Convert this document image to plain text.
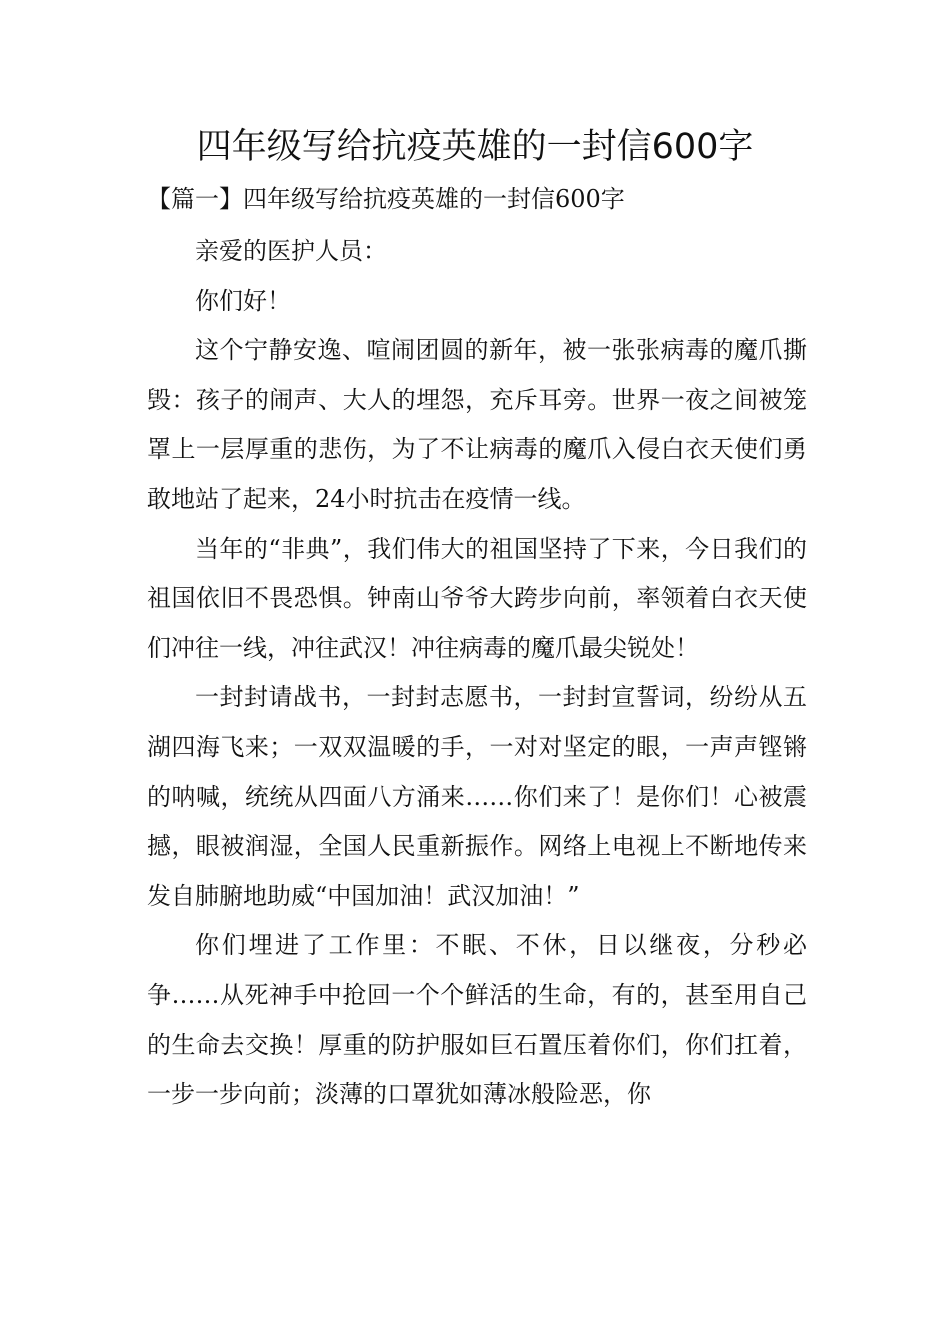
四年级写给抗疫英雄的一封信600字
【篇一】四年级写给抗疫英雄的一封信600字

亲爱的医护人员：

你们好！

这个宁静安逸、喧闹团圆的新年，被一张张病毒的魔爪撕毁：孩子的闹声、大人的埋怨，充斥耳旁。世界一夜之间被笼罩上一层厚重的悲伤，为了不让病毒的魔爪入侵白衣天使们勇敢地站了起来，24小时抗击在疫情一线。

当年的“非典”，我们伟大的祖国坚持了下来，今日我们的祖国依旧不畏恐惧。钟南山爷爷大跨步向前，率领着白衣天使们冲往一线，冲往武汉！冲往病毒的魔爪最尖锐处！

一封封请战书，一封封志愿书，一封封宣誓词，纷纷从五湖四海飞来；一双双温暖的手，一对对坚定的眼，一声声铿锵的呐喊，统统从四面八方涌来……你们来了！是你们！心被震撼，眼被润湿，全国人民重新振作。网络上电视上不断地传来发自肺腑地助威“中国加油！武汉加油！”

你们埋进了工作里：不眠、不休，日以继夜，分秒必争……从死神手中抢回一个个鲜活的生命，有的，甚至用自己的生命去交换！厚重的防护服如巨石置压着你们，你们扛着，一步一步向前；淡薄的口罩犹如薄冰般险恶，你
